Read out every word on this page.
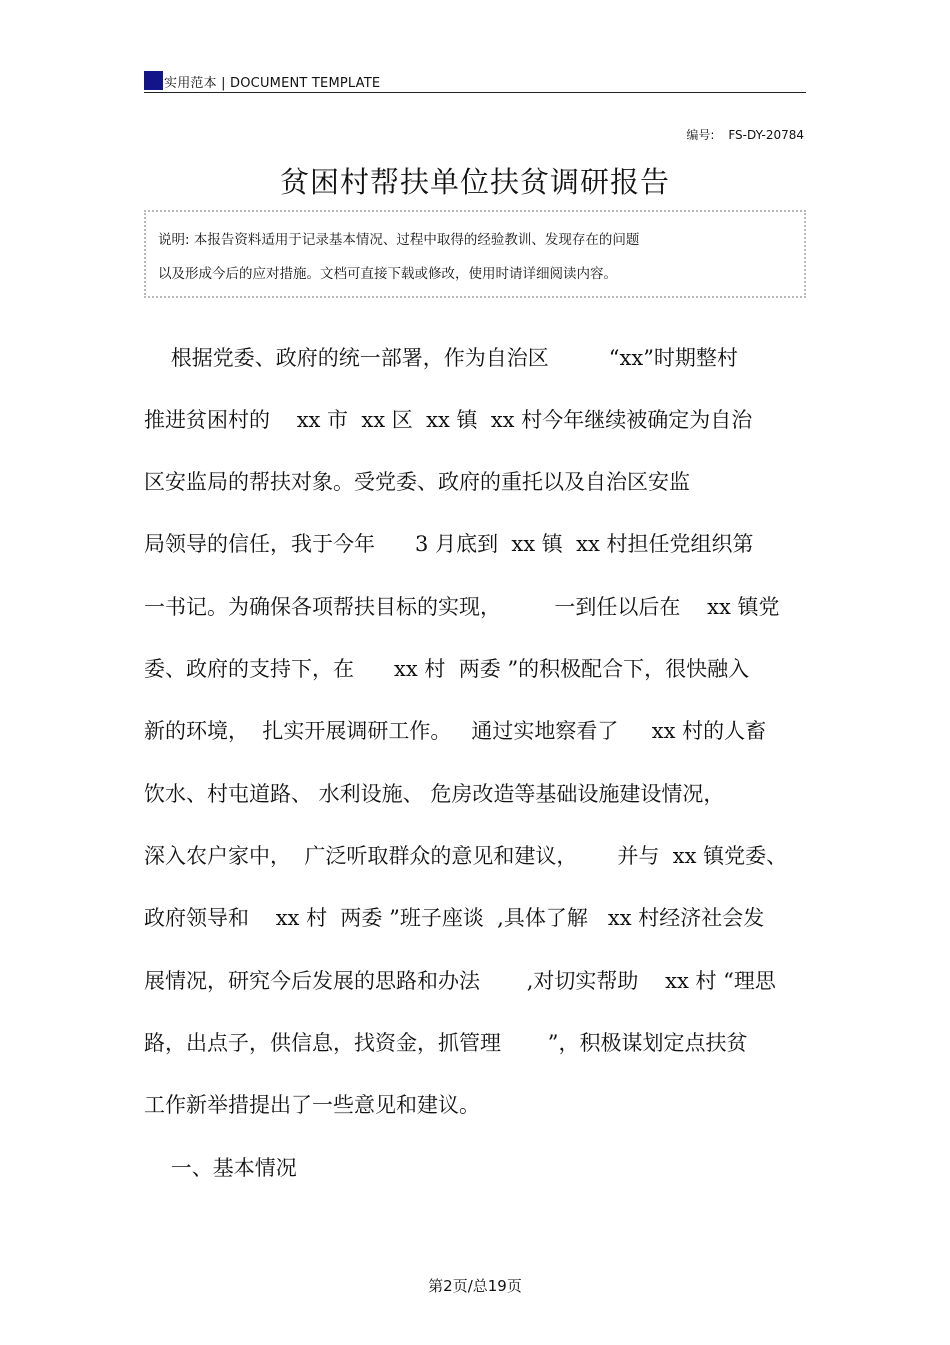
实用范本 | DOCUMENT TEMPLATE
编号: FS-DY-20784
贫困村帮扶单位扶贫调研报告
说明: 本报告资料适用于记录基本情况、过程中取得的经验教训、发现存在的问题
以及形成今后的应对措施。文档可直接下载或修改，使用时请详细阅读内容。
根据党委、政府的统一部署，作为自治区         “xx”时期整村
推进贫困村的    xx 市  xx 区  xx 镇  xx 村今年继续被确定为自治
区安监局的帮扶对象。受党委、政府的重托以及自治区安监
局领导的信任，我于今年      3 月底到  xx 镇  xx 村担任党组织第
一书记。为确保各项帮扶目标的实现，        一到任以后在    xx 镇党
委、政府的支持下，在      xx 村  两委 ”的积极配合下，很快融入
新的环境，  扎实开展调研工作。   通过实地察看了     xx 村的人畜
饮水、村屯道路、 水利设施、 危房改造等基础设施建设情况，
深入农户家中，  广泛听取群众的意见和建议，      并与  xx 镇党委、
政府领导和    xx 村  两委 ”班子座谈  ,具体了解   xx 村经济社会发
展情况，研究今后发展的思路和办法       ,对切实帮助    xx 村 “理思
路，出点子，供信息，找资金，抓管理       ”，积极谋划定点扶贫
工作新举措提出了一些意见和建议。
一、基本情况
第2页/总19页
